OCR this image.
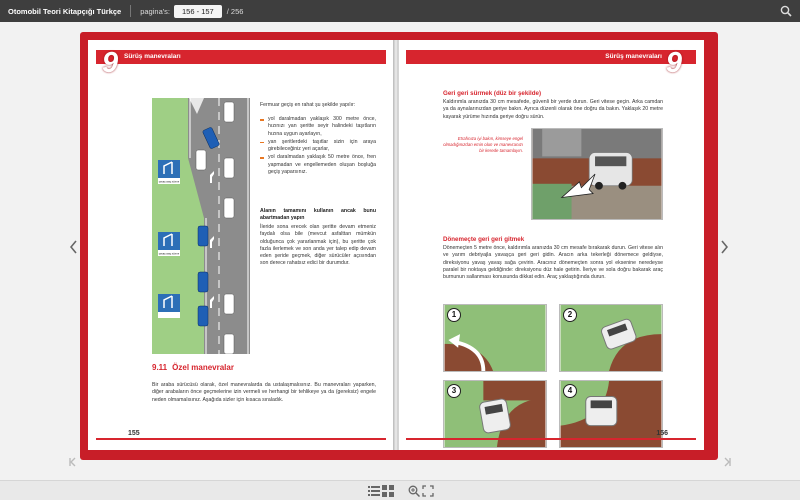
Otomobil Teori Kitapçığı Türkçe	pagina's:	156 - 157	/
256
Sürüş manevraları
9
yavaş araç sürme
yavaş araç sürme
Fermuar geçiş en rahat şu şekilde yapılır:
yol daralmadan yaklaşık 300 metre önce, hızınızı yan şeritte seyir halindeki taşıtların hızına uygun ayarlayın,
yan şeritlerdeki taşıtlar sizin için araya girebileceğiniz yeri açarlar,
yol daralmadan yaklaşık 50 metre önce, fren yapmadan ve engellemeden oluşan boşluğa geçiş yaparsınız.
Alanın tamamını kullanın ancak bunu abartmadan yapın
İleride sona erecek olan şeritte devam etmeniz faydalı olsa bile (mevcut asfalttan mümkün olduğunca çok yararlanmak için), bu şeritte çok fazla ilerlemek ve son anda yer talep edip devam eden şeride geçmek, diğer sürücüler açısından son derece rahatsız edici bir durumdur.
9.11 Özel manevralar
Bir araba sürücüsü olarak, özel manevralarda da ustalaşmalısınız. Bu manevraları yaparken, diğer arabaların önce geçmelerine izin vermeli ve herhangi bir tehlikeye ya da (gereksiz) engele neden olmamalısınız. Aşağıda sizler için kısaca sıraladık.
155
Sürüş manevraları 9
Geri geri sürmek (düz bir şekilde)
Kaldırımla aranızda 30 cm mesafede, güvenli bir yerde durun. Geri vitese geçin. Arka camdan ya da aynalarınızdan geriye bakın. Ayrıca düzenli olarak öne doğru da bakın. Yaklaşık 20 metre kayarak yürüme hızında geriye doğru sürün.
Etrafınıza iyi bakın, kimseye engel olmadığınızdan emin olun ve manevranızı bir kerede tamamlayın.
Dönemeçte geri geri gitmek
Dönemeçten 5 metre önce, kaldırımla aranızda 30 cm mesafe bırakarak durun. Geri vitese alın ve yarım debriyajla yavaşça geri geri gidin. Aracın arka tekerleği dönemece geldiyse, direksiyonu yavaş yavaş sağa çevirin. Aracınız dönemeçten sonra yol eksenine neredeyse paralel bir noktaya geldiğinde: direksiyonu düz hale getirin. İleriye ve sola doğru bakarak araç burnunun sallanması konusunda dikkat edin. Araç yaklaştığında durun.
1	2
3	4
156
